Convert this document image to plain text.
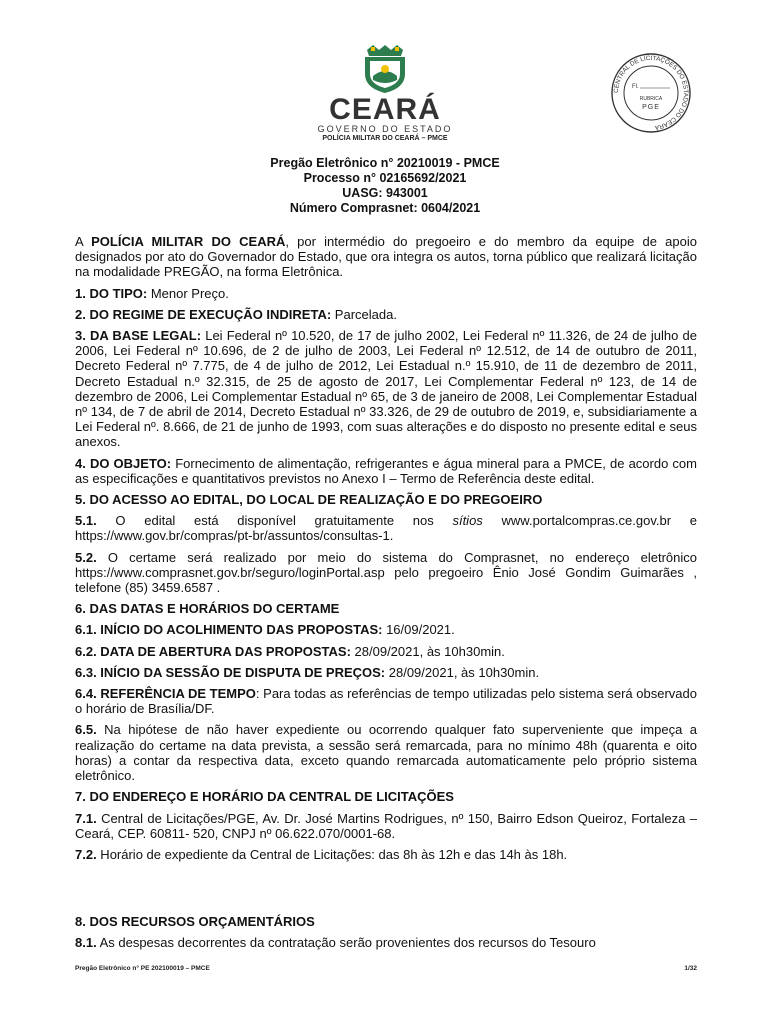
CEARÁ
GOVERNO DO ESTADO
POLÍCIA MILITAR DO CEARÁ – PMCE
CENTRAL DE LICITAÇÕES DO ESTADO DO CEARÁ
Fl.
RUBRICA
PGE
Pregão Eletrônico n° 20210019 - PMCE
Processo n° 02165692/2021
UASG: 943001
Número Comprasnet: 0604/2021

A POLÍCIA MILITAR DO CEARÁ, por intermédio do pregoeiro e do membro da equipe de apoio designados por ato do Governador do Estado, que ora integra os autos, torna público que realizará licitação na modalidade PREGÃO, na forma Eletrônica.

1. DO TIPO: Menor Preço.

2. DO REGIME DE EXECUÇÃO INDIRETA: Parcelada.

3. DA BASE LEGAL: Lei Federal nº 10.520, de 17 de julho 2002, Lei Federal nº 11.326, de 24 de julho de 2006, Lei Federal nº 10.696, de 2 de julho de 2003, Lei Federal nº 12.512, de 14 de outubro de 2011, Decreto Federal nº 7.775, de 4 de julho de 2012, Lei Estadual n.º 15.910, de 11 de dezembro de 2011, Decreto Estadual n.º 32.315, de 25 de agosto de 2017, Lei Complementar Federal nº 123, de 14 de dezembro de 2006, Lei Complementar Estadual nº 65, de 3 de janeiro de 2008, Lei Complementar Estadual nº 134, de 7 de abril de 2014, Decreto Estadual nº 33.326, de 29 de outubro de 2019, e, subsidiariamente a Lei Federal nº. 8.666, de 21 de junho de 1993, com suas alterações e do disposto no presente edital e seus anexos.

4. DO OBJETO: Fornecimento de alimentação, refrigerantes e água mineral para a PMCE, de acordo com as especificações e quantitativos previstos no Anexo I – Termo de Referência deste edital.

5. DO ACESSO AO EDITAL, DO LOCAL DE REALIZAÇÃO E DO PREGOEIRO

5.1. O edital está disponível gratuitamente nos sítios www.portalcompras.ce.gov.br e https://www.gov.br/compras/pt-br/assuntos/consultas-1.

5.2. O certame será realizado por meio do sistema do Comprasnet, no endereço eletrônico https://www.comprasnet.gov.br/seguro/loginPortal.asp pelo pregoeiro Ênio José Gondim Guimarães , telefone (85) 3459.6587 .

6. DAS DATAS E HORÁRIOS DO CERTAME

6.1. INÍCIO DO ACOLHIMENTO DAS PROPOSTAS: 16/09/2021.

6.2. DATA DE ABERTURA DAS PROPOSTAS: 28/09/2021, às 10h30min.

6.3. INÍCIO DA SESSÃO DE DISPUTA DE PREÇOS: 28/09/2021, às 10h30min.

6.4. REFERÊNCIA DE TEMPO: Para todas as referências de tempo utilizadas pelo sistema será observado o horário de Brasília/DF.

6.5. Na hipótese de não haver expediente ou ocorrendo qualquer fato superveniente que impeça a realização do certame na data prevista, a sessão será remarcada, para no mínimo 48h (quarenta e oito horas) a contar da respectiva data, exceto quando remarcada automaticamente pelo próprio sistema eletrônico.

7. DO ENDEREÇO E HORÁRIO DA CENTRAL DE LICITAÇÕES

7.1. Central de Licitações/PGE, Av. Dr. José Martins Rodrigues, nº 150, Bairro Edson Queiroz, Fortaleza – Ceará, CEP. 60811- 520, CNPJ nº 06.622.070/0001-68.

7.2. Horário de expediente da Central de Licitações: das 8h às 12h e das 14h às 18h.

8. DOS RECURSOS ORÇAMENTÁRIOS

8.1. As despesas decorrentes da contratação serão provenientes dos recursos do Tesouro

Pregão Eletrônico n° PE 202100019 – PMCE	1/32
